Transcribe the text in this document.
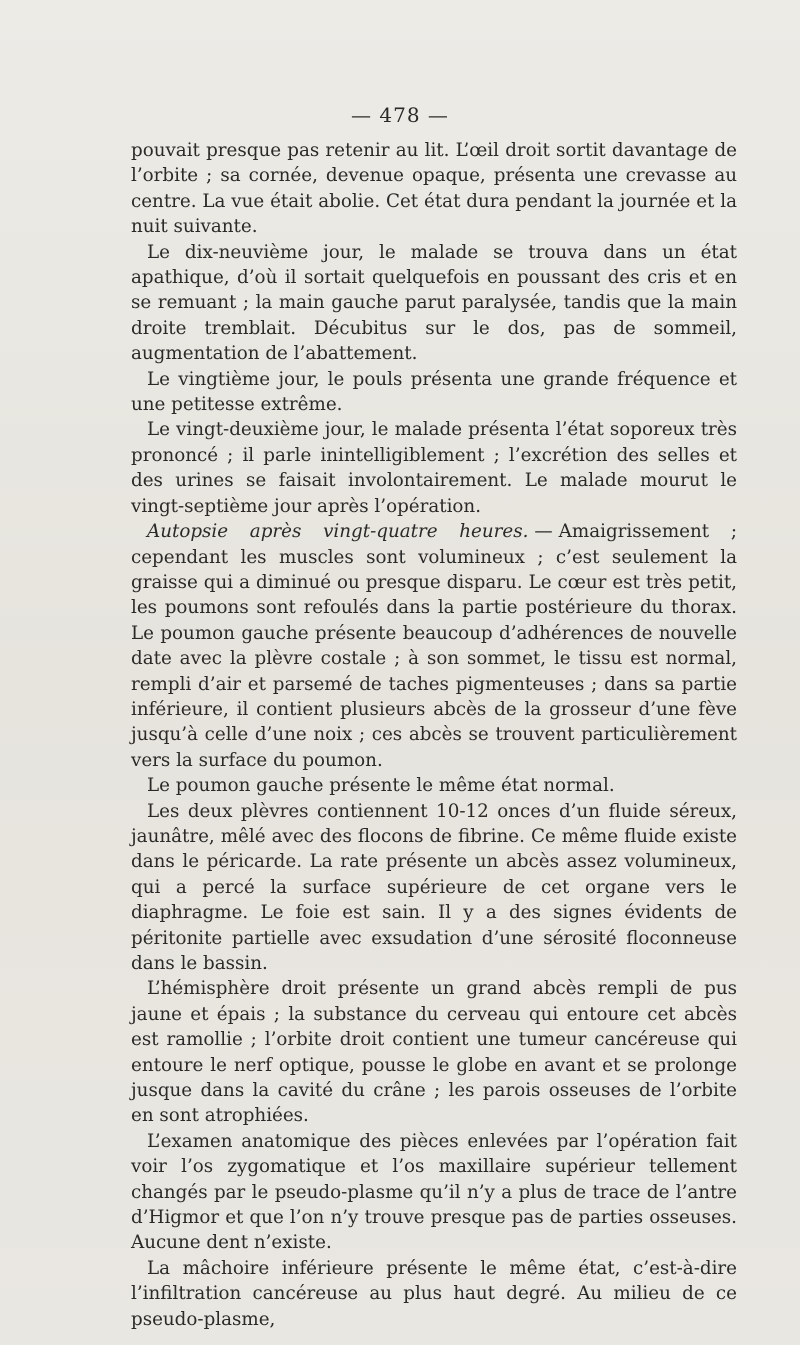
— 478 —

pouvait presque pas retenir au lit. L’œil droit sortit davantage de l’orbite ; sa cornée, devenue opaque, présenta une crevasse au centre. La vue était abolie. Cet état dura pendant la journée et la nuit suivante.

Le dix-neuvième jour, le malade se trouva dans un état apathique, d’où il sortait quelquefois en poussant des cris et en se remuant ; la main gauche parut paralysée, tandis que la main droite tremblait. Décubitus sur le dos, pas de sommeil, augmentation de l’abattement.

Le vingtième jour, le pouls présenta une grande fréquence et une petitesse extrême.

Le vingt-deuxième jour, le malade présenta l’état soporeux très prononcé ; il parle inintelligiblement ; l’excrétion des selles et des urines se faisait involontairement. Le malade mourut le vingt-septième jour après l’opération.

Autopsie après vingt-quatre heures. — Amaigrissement ; cependant les muscles sont volumineux ; c’est seulement la graisse qui a diminué ou presque disparu. Le cœur est très petit, les poumons sont refoulés dans la partie postérieure du thorax. Le poumon gauche présente beaucoup d’adhérences de nouvelle date avec la plèvre costale ; à son sommet, le tissu est normal, rempli d’air et parsemé de taches pigmenteuses ; dans sa partie inférieure, il contient plusieurs abcès de la grosseur d’une fève jusqu’à celle d’une noix ; ces abcès se trouvent particulièrement vers la surface du poumon.

Le poumon gauche présente le même état normal.

Les deux plèvres contiennent 10-12 onces d’un fluide séreux, jaunâtre, mêlé avec des flocons de fibrine. Ce même fluide existe dans le péricarde. La rate présente un abcès assez volumineux, qui a percé la surface supérieure de cet organe vers le diaphragme. Le foie est sain. Il y a des signes évidents de péritonite partielle avec exsudation d’une sérosité floconneuse dans le bassin.

L’hémisphère droit présente un grand abcès rempli de pus jaune et épais ; la substance du cerveau qui entoure cet abcès est ramollie ; l’orbite droit contient une tumeur cancéreuse qui entoure le nerf optique, pousse le globe en avant et se prolonge jusque dans la cavité du crâne ; les parois osseuses de l’orbite en sont atrophiées.

L’examen anatomique des pièces enlevées par l’opération fait voir l’os zygomatique et l’os maxillaire supérieur tellement changés par le pseudo-plasme qu’il n’y a plus de trace de l’antre d’Higmor et que l’on n’y trouve presque pas de parties osseuses. Aucune dent n’existe.

La mâchoire inférieure présente le même état, c’est-à-dire l’infiltration cancéreuse au plus haut degré. Au milieu de ce pseudo-plasme,
